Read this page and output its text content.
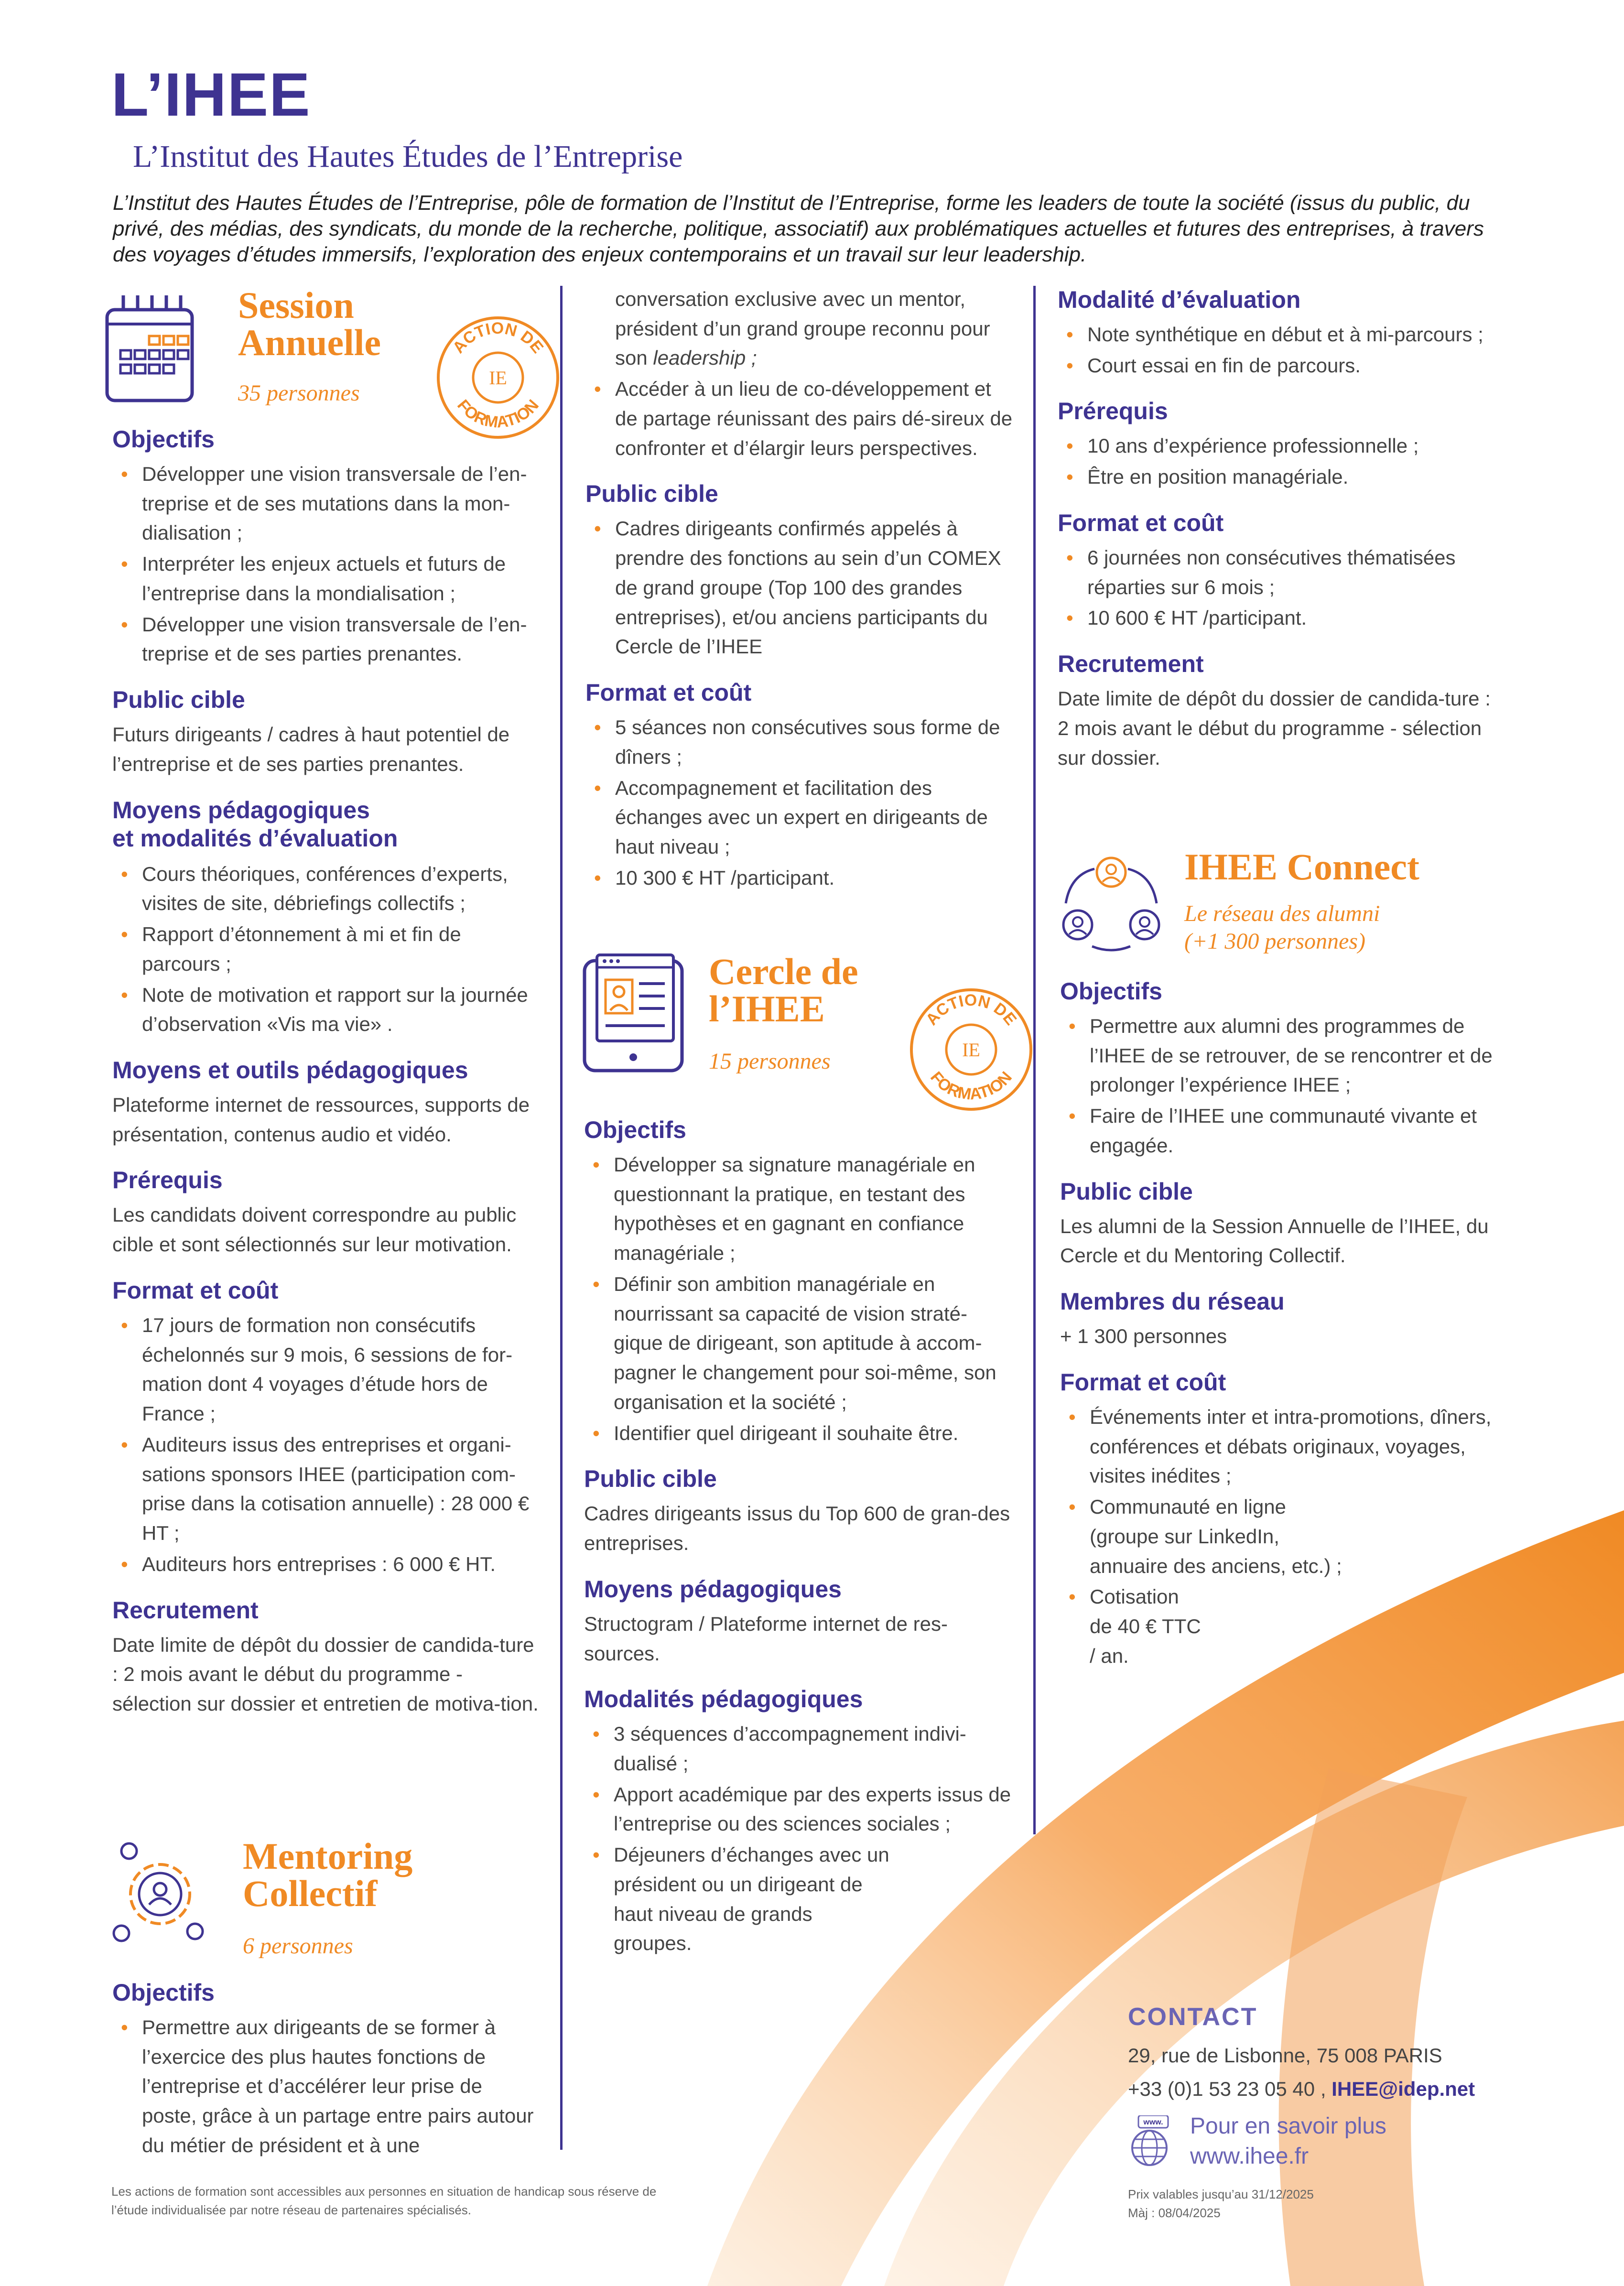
L’IHEE
L’Institut des Hautes Études de l’Entreprise
L’Institut des Hautes Études de l’Entreprise, pôle de formation de l’Institut de l’Entreprise, forme les leaders de toute la société (issus du public, du privé, des médias, des syndicats, du monde de la recherche, politique, associatif) aux problématiques actuelles et futures des entreprises, à travers des voyages d’études immersifs, l’exploration des enjeux contemporains et un travail sur leur leadership.
Session
Annuelle
35 personnes
ACTION DE
FORMATION
IE
Objectifs
• Développer une vision transversale de l’en-treprise et de ses mutations dans la mon-dialisation ;
• Interpréter les enjeux actuels et futurs de l’entreprise dans la mondialisation ;
• Développer une vision transversale de l’en-treprise et de ses parties prenantes.
Public cible
Futurs dirigeants / cadres à haut potentiel de l’entreprise et de ses parties prenantes.
Moyens pédagogiques
et modalités d’évaluation
• Cours théoriques, conférences d’experts, visites de site, débriefings collectifs ;
• Rapport d’étonnement à mi et fin de parcours ;
• Note de motivation et rapport sur la journée d’observation «Vis ma vie» .
Moyens et outils pédagogiques
Plateforme internet de ressources, supports de présentation, contenus audio et vidéo.
Prérequis
Les candidats doivent correspondre au public cible et sont sélectionnés sur leur motivation.
Format et coût
• 17 jours de formation non consécutifs échelonnés sur 9 mois, 6 sessions de for-mation dont 4 voyages d’étude hors de France ;
• Auditeurs issus des entreprises et organi-sations sponsors IHEE (participation com-prise dans la cotisation annuelle) : 28 000 € HT ;
• Auditeurs hors entreprises : 6 000 € HT.
Recrutement
Date limite de dépôt du dossier de candida-ture : 2 mois avant le début du programme - sélection sur dossier et entretien de motiva-tion.
Mentoring
Collectif
6 personnes
Objectifs
• Permettre aux dirigeants de se former à l’exercice des plus hautes fonctions de l’entreprise et d’accélérer leur prise de poste, grâce à un partage entre pairs autour du métier de président et à une
Les actions de formation sont accessibles aux personnes en situation de handicap sous réserve de l’étude individualisée par notre réseau de partenaires spécialisés.
• conversation exclusive avec un mentor, président d’un grand groupe reconnu pour son leadership ;
• Accéder à un lieu de co-développement et de partage réunissant des pairs dé-sireux de confronter et d’élargir leurs perspectives.
Public cible
• Cadres dirigeants confirmés appelés à prendre des fonctions au sein d’un COMEX de grand groupe (Top 100 des grandes entreprises), et/ou anciens participants du Cercle de l’IHEE
Format et coût
• 5 séances non consécutives sous forme de dîners ;
• Accompagnement et facilitation des échanges avec un expert en dirigeants de haut niveau ;
• 10 300 € HT /participant.
Cercle de
l’IHEE
15 personnes
ACTION DE
FORMATION
IE
Objectifs
• Développer sa signature managériale en questionnant la pratique, en testant des hypothèses et en gagnant en confiance managériale ;
• Définir son ambition managériale en nourrissant sa capacité de vision straté-gique de dirigeant, son aptitude à accom-pagner le changement pour soi-même, son organisation et la société ;
• Identifier quel dirigeant il souhaite être.
Public cible
Cadres dirigeants issus du Top 600 de gran-des entreprises.
Moyens pédagogiques
Structogram / Plateforme internet de res-sources.
Modalités pédagogiques
• 3 séquences d’accompagnement indivi-dualisé ;
• Apport académique par des experts issus de l’entreprise ou des sciences sociales ;
• Déjeuners d’échanges avec un président ou un dirigeant de haut niveau de grands groupes.
Modalité d’évaluation
• Note synthétique en début et à mi-parcours ;
• Court essai en fin de parcours.
Prérequis
• 10 ans d’expérience professionnelle ;
• Être en position managériale.
Format et coût
• 6 journées non consécutives thématisées réparties sur 6 mois ;
• 10 600 € HT /participant.
Recrutement
Date limite de dépôt du dossier de candida-ture : 2 mois avant le début du programme - sélection sur dossier.
IHEE Connect
Le réseau des alumni
(+1 300 personnes)
Objectifs
• Permettre aux alumni des programmes de l’IHEE de se retrouver, de se rencontrer et de prolonger l’expérience IHEE ;
• Faire de l’IHEE une communauté vivante et engagée.
Public cible
Les alumni de la Session Annuelle de l’IHEE, du Cercle et du Mentoring Collectif.
Membres du réseau
+ 1 300 personnes
Format et coût
• Événements inter et intra-promotions, dîners, conférences et débats originaux, voyages, visites inédites ;
• Communauté en ligne (groupe sur LinkedIn, annuaire des anciens, etc.) ;
• Cotisation de 40 € TTC / an.
CONTACT
29, rue de Lisbonne, 75 008 PARIS
+33 (0)1 53 23 05 40 , IHEE@idep.net
www. Pour en savoir plus
www.ihee.fr
Prix valables jusqu’au 31/12/2025
Màj : 08/04/2025
